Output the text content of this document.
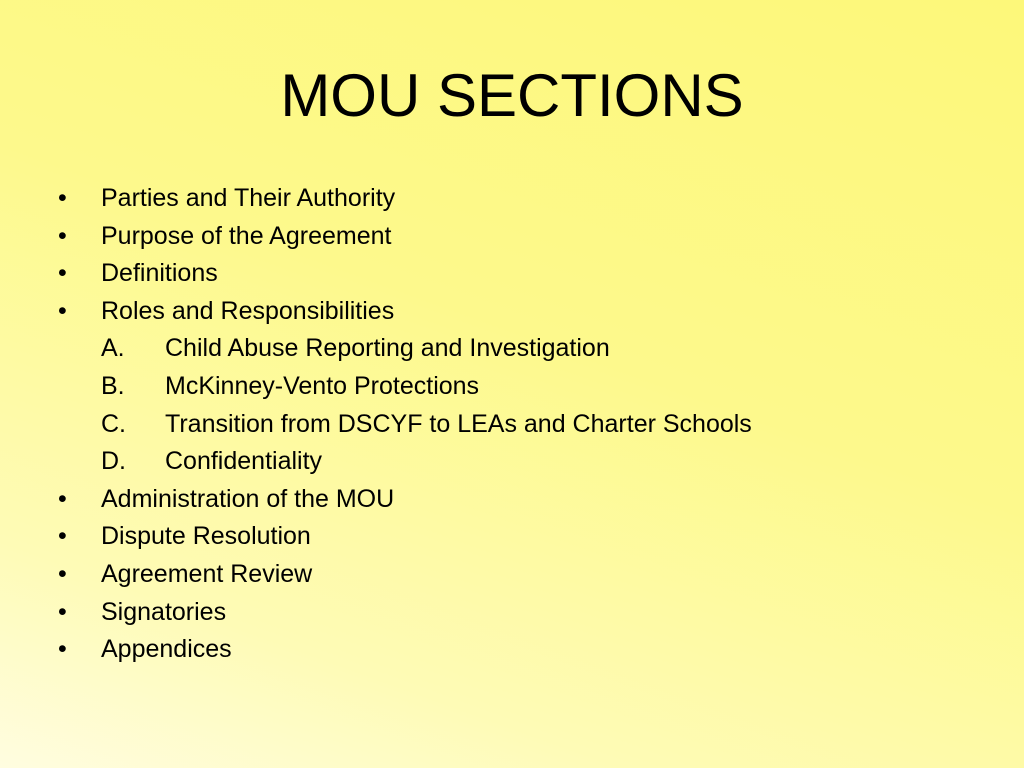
MOU SECTIONS
• Parties and Their Authority
• Purpose of the Agreement
• Definitions
• Roles and Responsibilities
A. Child Abuse Reporting and Investigation
B. McKinney-Vento Protections
C. Transition from DSCYF to LEAs and Charter Schools
D. Confidentiality
• Administration of the MOU
• Dispute Resolution
• Agreement Review
• Signatories
• Appendices
